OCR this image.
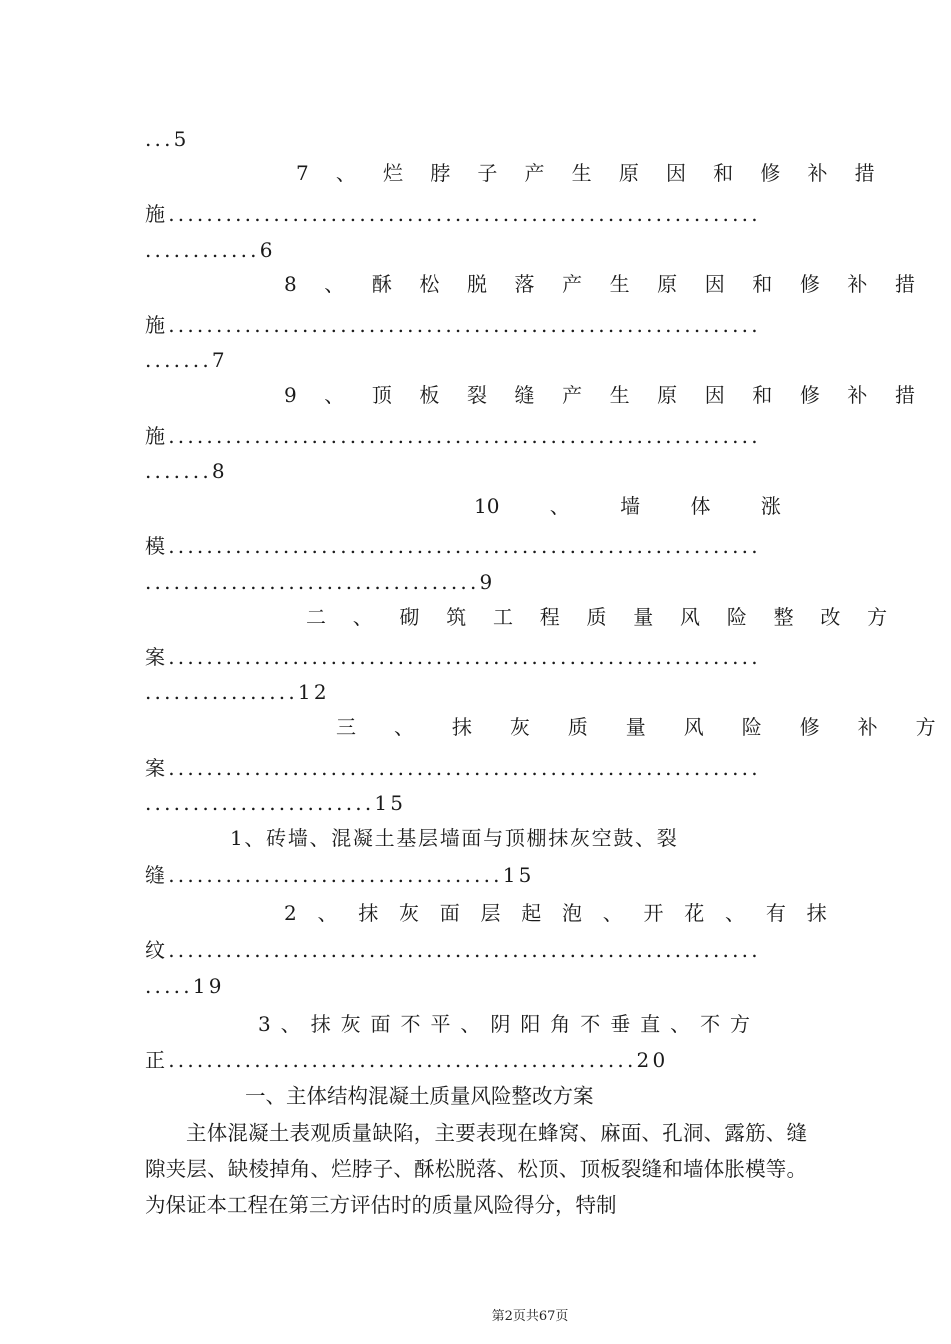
...5
7 、 烂 脖 子 产 生 原 因 和 修 补 措
施..............................................................
............6
8 、 酥 松 脱 落 产 生 原 因 和 修 补 措
施..............................................................
.......7
9 、 顶 板 裂 缝 产 生 原 因 和 修 补 措
施..............................................................
.......8
10 、 墙 体 涨
模..............................................................
...................................9
二 、 砌 筑 工 程 质 量 风 险 整 改 方
案..............................................................
................12
三 、 抹 灰 质 量 风 险 修 补 方
案..............................................................
........................15
1、砖墙、混凝土基层墙面与顶棚抹灰空鼓、裂
缝...................................15
2 、 抹 灰 面 层 起 泡 、 开 花 、 有 抹
纹..............................................................
.....19
3 、 抹 灰 面 不 平 、 阴 阳 角 不 垂 直 、 不 方
正.................................................20
一、主体结构混凝土质量风险整改方案
主体混凝土表观质量缺陷，主要表现在蜂窝、麻面、孔洞、露筋、缝隙夹层、缺棱掉角、烂脖子、酥松脱落、松顶、顶板裂缝和墙体胀模等。为保证本工程在第三方评估时的质量风险得分，特制
第2页共67页
